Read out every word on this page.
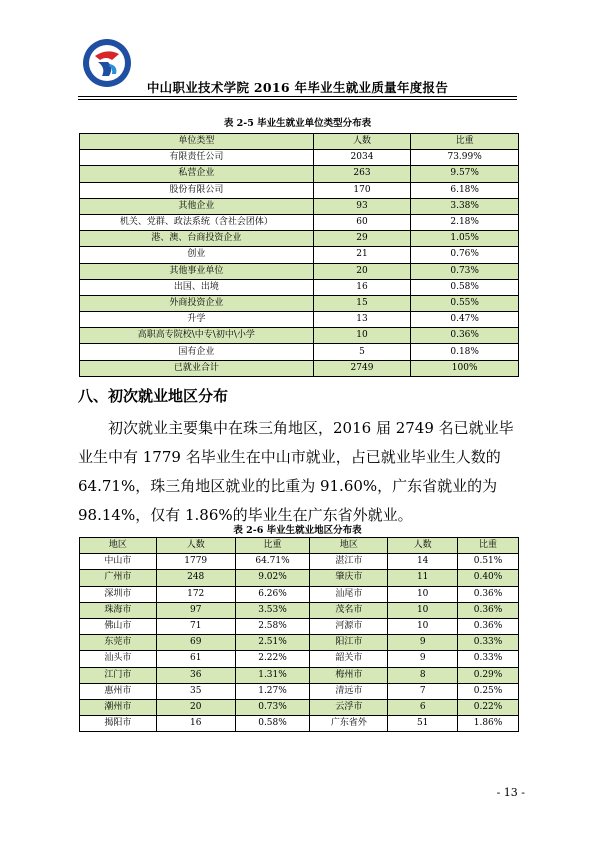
中山职业技术学院 2016 年毕业生就业质量年度报告
表 2-5 毕业生就业单位类型分布表
单位类型	人数	比重
有限责任公司	2034	73.99%
私营企业	263	9.57%
股份有限公司	170	6.18%
其他企业	93	3.38%
机关、党群、政法系统（含社会团体）	60	2.18%
港、澳、台商投资企业	29	1.05%
创业	21	0.76%
其他事业单位	20	0.73%
出国、出境	16	0.58%
外商投资企业	15	0.55%
升学	13	0.47%
高职高专院校\中专\初中\小学	10	0.36%
国有企业	5	0.18%
已就业合计	2749	100%
八、初次就业地区分布
初次就业主要集中在珠三角地区，2016 届 2749 名已就业毕
业生中有 1779 名毕业生在中山市就业，占已就业毕业生人数的
64.71%，珠三角地区就业的比重为 91.60%，广东省就业的为
98.14%，仅有 1.86%的毕业生在广东省外就业。
表 2-6 毕业生就业地区分布表
地区	人数	比重	地区	人数	比重
中山市	1779	64.71%	湛江市	14	0.51%
广州市	248	9.02%	肇庆市	11	0.40%
深圳市	172	6.26%	汕尾市	10	0.36%
珠海市	97	3.53%	茂名市	10	0.36%
佛山市	71	2.58%	河源市	10	0.36%
东莞市	69	2.51%	阳江市	9	0.33%
汕头市	61	2.22%	韶关市	9	0.33%
江门市	36	1.31%	梅州市	8	0.29%
惠州市	35	1.27%	清远市	7	0.25%
潮州市	20	0.73%	云浮市	6	0.22%
揭阳市	16	0.58%	广东省外	51	1.86%
- 13 -
